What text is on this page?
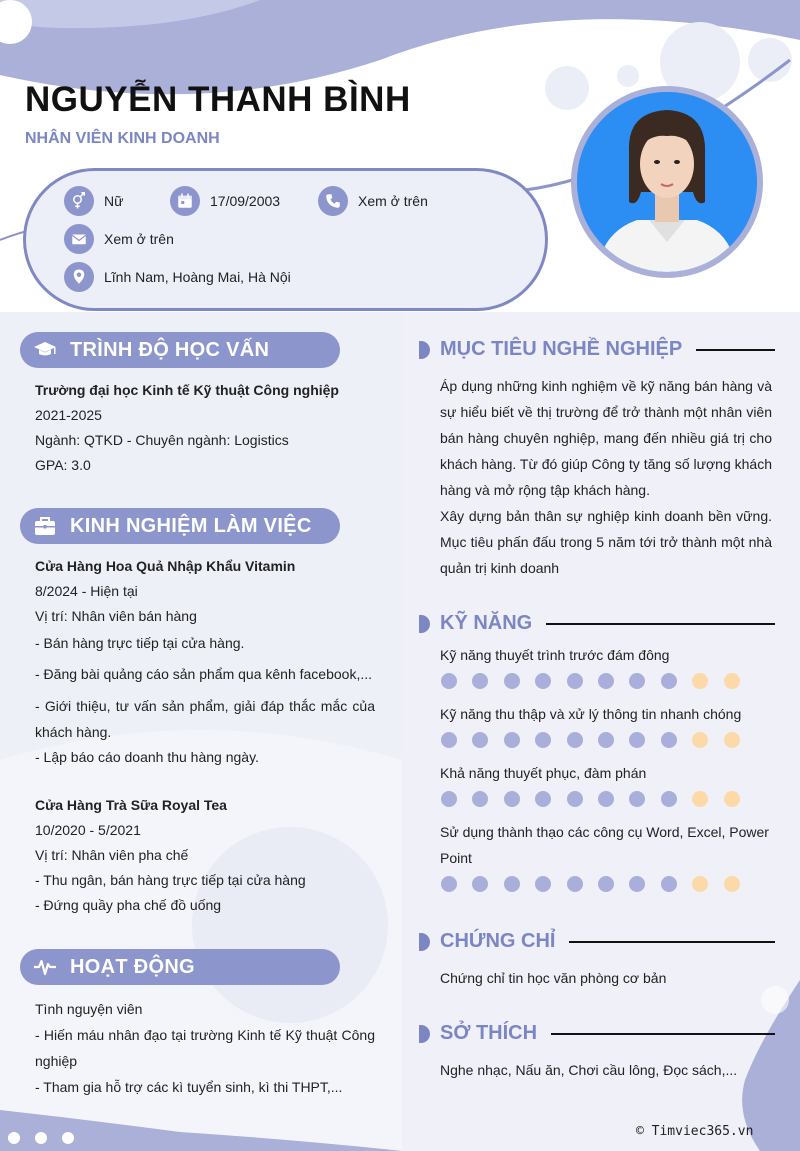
NGUYỄN THANH BÌNH
NHÂN VIÊN KINH DOANH
Nữ	17/09/2003	Xem ở trên
Xem ở trên
Lĩnh Nam, Hoàng Mai, Hà Nội
TRÌNH ĐỘ HỌC VẤN
Trường đại học Kinh tế Kỹ thuật Công nghiệp
2021-2025
Ngành: QTKD - Chuyên ngành: Logistics
GPA: 3.0
KINH NGHIỆM LÀM VIỆC
Cửa Hàng Hoa Quả Nhập Khẩu Vitamin
8/2024 - Hiện tại
Vị trí: Nhân viên bán hàng
- Bán hàng trực tiếp tại cửa hàng.
- Đăng bài quảng cáo sản phẩm qua kênh facebook,...
- Giới thiệu, tư vấn sản phẩm, giải đáp thắc mắc của khách hàng.
- Lập báo cáo doanh thu hàng ngày.
Cửa Hàng Trà Sữa Royal Tea
10/2020 - 5/2021
Vị trí: Nhân viên pha chế
- Thu ngân, bán hàng trực tiếp tại cửa hàng
- Đứng quầy pha chế đồ uống
HOẠT ĐỘNG
Tình nguyện viên
- Hiến máu nhân đạo tại trường Kinh tế Kỹ thuật Công nghiệp
- Tham gia hỗ trợ các kì tuyển sinh, kì thi THPT,...
MỤC TIÊU NGHỀ NGHIỆP
Áp dụng những kinh nghiệm về kỹ năng bán hàng và sự hiểu biết về thị trường để trở thành một nhân viên bán hàng chuyên nghiệp, mang đến nhiều giá trị cho khách hàng. Từ đó giúp Công ty tăng số lượng khách hàng và mở rộng tập khách hàng.
Xây dựng bản thân sự nghiệp kinh doanh bền vững. Mục tiêu phấn đấu trong 5 năm tới trở thành một nhà quản trị kinh doanh
KỸ NĂNG
Kỹ năng thuyết trình trước đám đông
Kỹ năng thu thập và xử lý thông tin nhanh chóng
Khả năng thuyết phục, đàm phán
Sử dụng thành thạo các công cụ Word, Excel, Power Point
CHỨNG CHỈ
Chứng chỉ tin học văn phòng cơ bản
SỞ THÍCH
Nghe nhạc, Nấu ăn, Chơi cầu lông, Đọc sách,...
© Timviec365.vn
